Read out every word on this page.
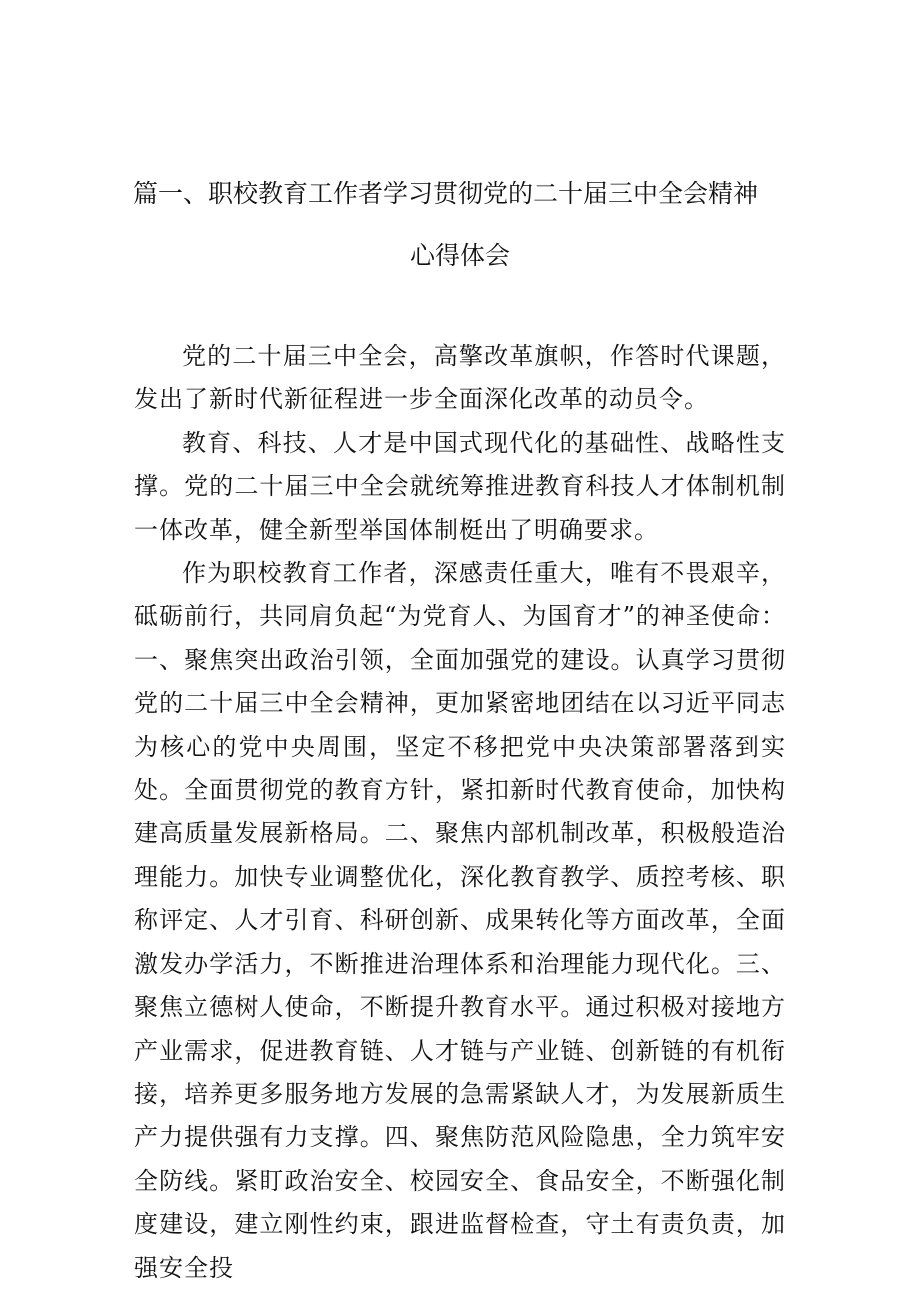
篇一、职校教育工作者学习贯彻党的二十届三中全会精神
心得体会

党的二十届三中全会，高擎改革旗帜，作答时代课题，发出了新时代新征程进一步全面深化改革的动员令。

教育、科技、人才是中国式现代化的基础性、战略性支撑。党的二十届三中全会就统筹推进教育科技人才体制机制一体改革，健全新型举国体制梃出了明确要求。

作为职校教育工作者，深感责任重大，唯有不畏艰辛，砥砺前行，共同肩负起“为党育人、为国育才”的神圣使命：一、聚焦突出政治引领，全面加强党的建设。认真学习贯彻党的二十届三中全会精神，更加紧密地团结在以习近平同志为核心的党中央周围，坚定不移把党中央决策部署落到实处。全面贯彻党的教育方针，紧扣新时代教育使命，加快构建高质量发展新格局。二、聚焦内部机制改革，积极般造治理能力。加快专业调整优化，深化教育教学、质控考核、职称评定、人才引育、科研创新、成果转化等方面改革，全面激发办学活力，不断推进治理体系和治理能力现代化。三、聚焦立德树人使命，不断提升教育水平。通过积极对接地方产业需求，促进教育链、人才链与产业链、创新链的有机衔接，培养更多服务地方发展的急需紧缺人才，为发展新质生产力提供强有力支撑。四、聚焦防范风险隐患，全力筑牢安全防线。紧盯政治安全、校园安全、食品安全，不断强化制度建设，建立刚性约束，跟进监督检查，守土有责负责，加强安全投
